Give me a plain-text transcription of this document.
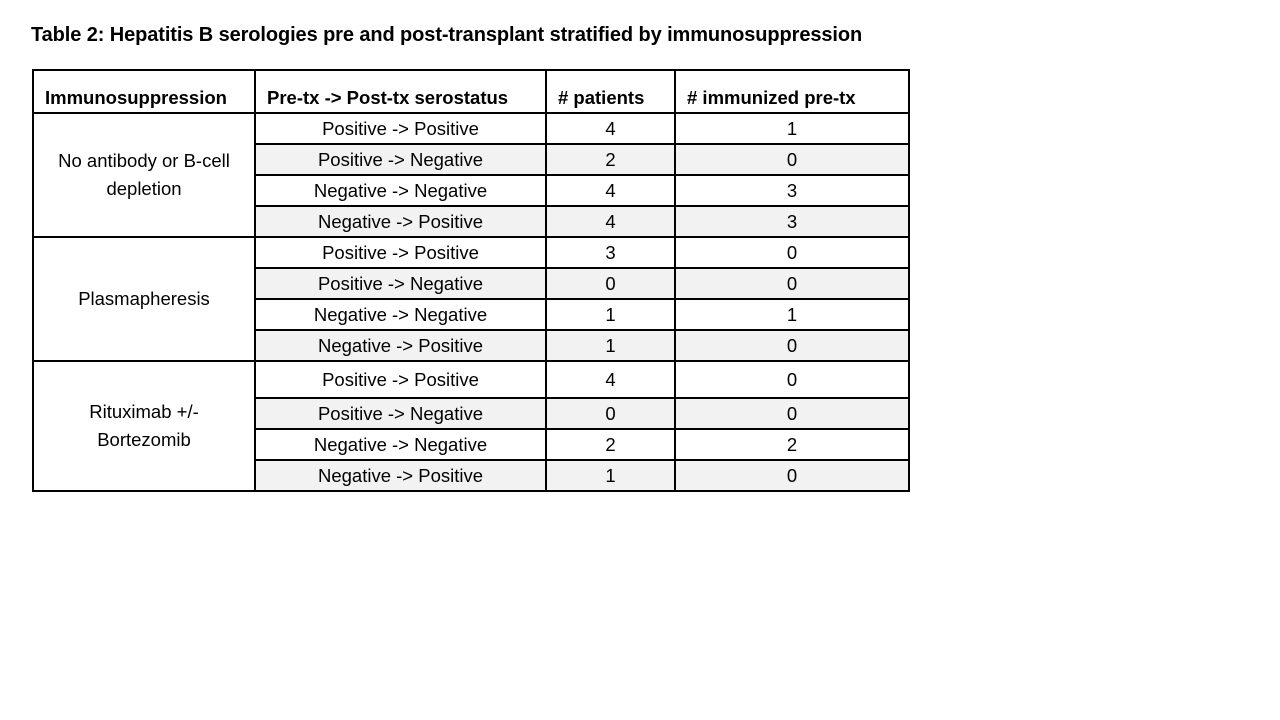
Table 2: Hepatitis B serologies pre and post-transplant stratified by immunosuppression
Immunosuppression	Pre-tx -> Post-tx serostatus	# patients	# immunized pre-tx
No antibody or B-cell depletion	Positive -> Positive	4	1
	Positive -> Negative	2	0
	Negative -> Negative	4	3
	Negative -> Positive	4	3
Plasmapheresis	Positive -> Positive	3	0
	Positive -> Negative	0	0
	Negative -> Negative	1	1
	Negative -> Positive	1	0
Rituximab +/- Bortezomib	Positive -> Positive	4	0
	Positive -> Negative	0	0
	Negative -> Negative	2	2
	Negative -> Positive	1	0
